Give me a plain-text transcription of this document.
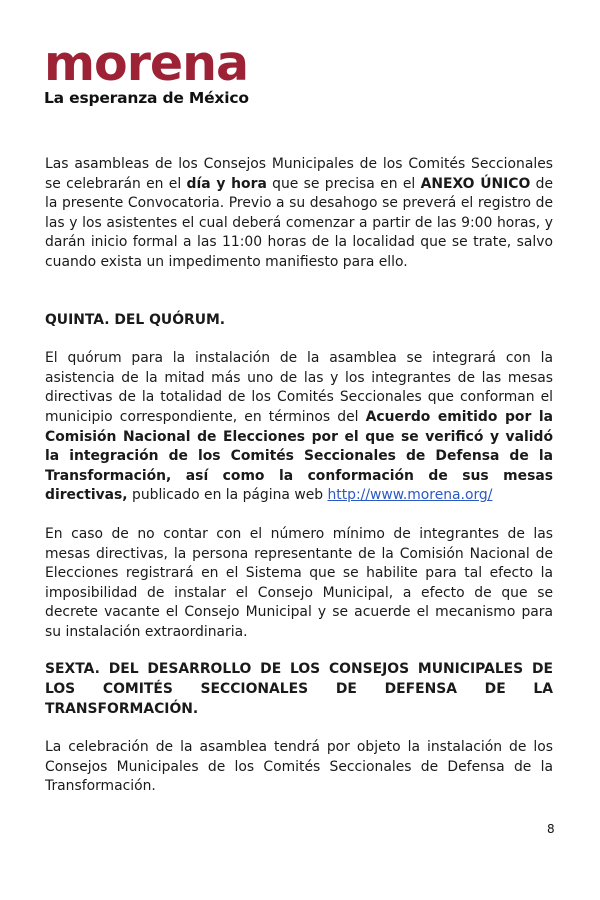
morena
La esperanza de México

Las asambleas de los Consejos Municipales de los Comités Seccionales se celebrarán en el día y hora que se precisa en el ANEXO ÚNICO de la presente Convocatoria. Previo a su desahogo se preverá el registro de las y los asistentes el cual deberá comenzar a partir de las 9:00 horas, y darán inicio formal a las 11:00 horas de la localidad que se trate, salvo cuando exista un impedimento manifiesto para ello.

QUINTA. DEL QUÓRUM.

El quórum para la instalación de la asamblea se integrará con la asistencia de la mitad más uno de las y los integrantes de las mesas directivas de la totalidad de los Comités Seccionales que conforman el municipio correspondiente, en términos del Acuerdo emitido por la Comisión Nacional de Elecciones por el que se verificó y validó la integración de los Comités Seccionales de Defensa de la Transformación, así como la conformación de sus mesas directivas, publicado en la página web http://www.morena.org/

En caso de no contar con el número mínimo de integrantes de las mesas directivas, la persona representante de la Comisión Nacional de Elecciones registrará en el Sistema que se habilite para tal efecto la imposibilidad de instalar el Consejo Municipal, a efecto de que se decrete vacante el Consejo Municipal y se acuerde el mecanismo para su instalación extraordinaria.

SEXTA. DEL DESARROLLO DE LOS CONSEJOS MUNICIPALES DE LOS COMITÉS SECCIONALES DE DEFENSA DE LA TRANSFORMACIÓN.

La celebración de la asamblea tendrá por objeto la instalación de los Consejos Municipales de los Comités Seccionales de Defensa de la Transformación.

8
